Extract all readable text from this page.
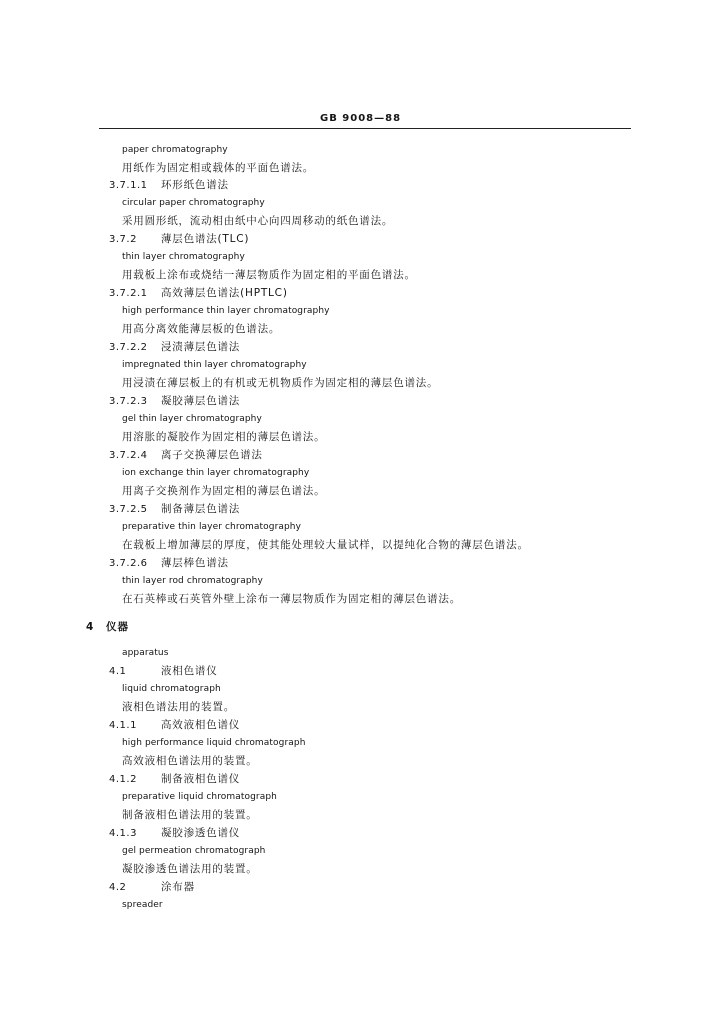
GB 9008—88
paper chromatography
用纸作为固定相或载体的平面色谱法。
3.7.1.1 环形纸色谱法
circular paper chromatography
采用圆形纸，流动相由纸中心向四周移动的纸色谱法。
3.7.2 薄层色谱法(TLC)
thin layer chromatography
用载板上涂布或烧结一薄层物质作为固定相的平面色谱法。
3.7.2.1 高效薄层色谱法(HPTLC)
high performance thin layer chromatography
用高分离效能薄层板的色谱法。
3.7.2.2 浸渍薄层色谱法
impregnated thin layer chromatography
用浸渍在薄层板上的有机或无机物质作为固定相的薄层色谱法。
3.7.2.3 凝胶薄层色谱法
gel thin layer chromatography
用溶胀的凝胶作为固定相的薄层色谱法。
3.7.2.4 离子交换薄层色谱法
ion exchange thin layer chromatography
用离子交换剂作为固定相的薄层色谱法。
3.7.2.5 制备薄层色谱法
preparative thin layer chromatography
在载板上增加薄层的厚度，使其能处理较大量试样，以提纯化合物的薄层色谱法。
3.7.2.6 薄层棒色谱法
thin layer rod chromatography
在石英棒或石英管外壁上涂布一薄层物质作为固定相的薄层色谱法。
4 仪器
apparatus
4.1	液相色谱仪
liquid chromatograph
液相色谱法用的装置。
4.1.1 高效液相色谱仪
high performance liquid chromatograph
高效液相色谱法用的装置。
4.1.2 制备液相色谱仪
preparative liquid chromatograph
制备液相色谱法用的装置。
4.1.3 凝胶渗透色谱仪
gel permeation chromatograph
凝胶渗透色谱法用的装置。
4.2	涂布器
spreader
